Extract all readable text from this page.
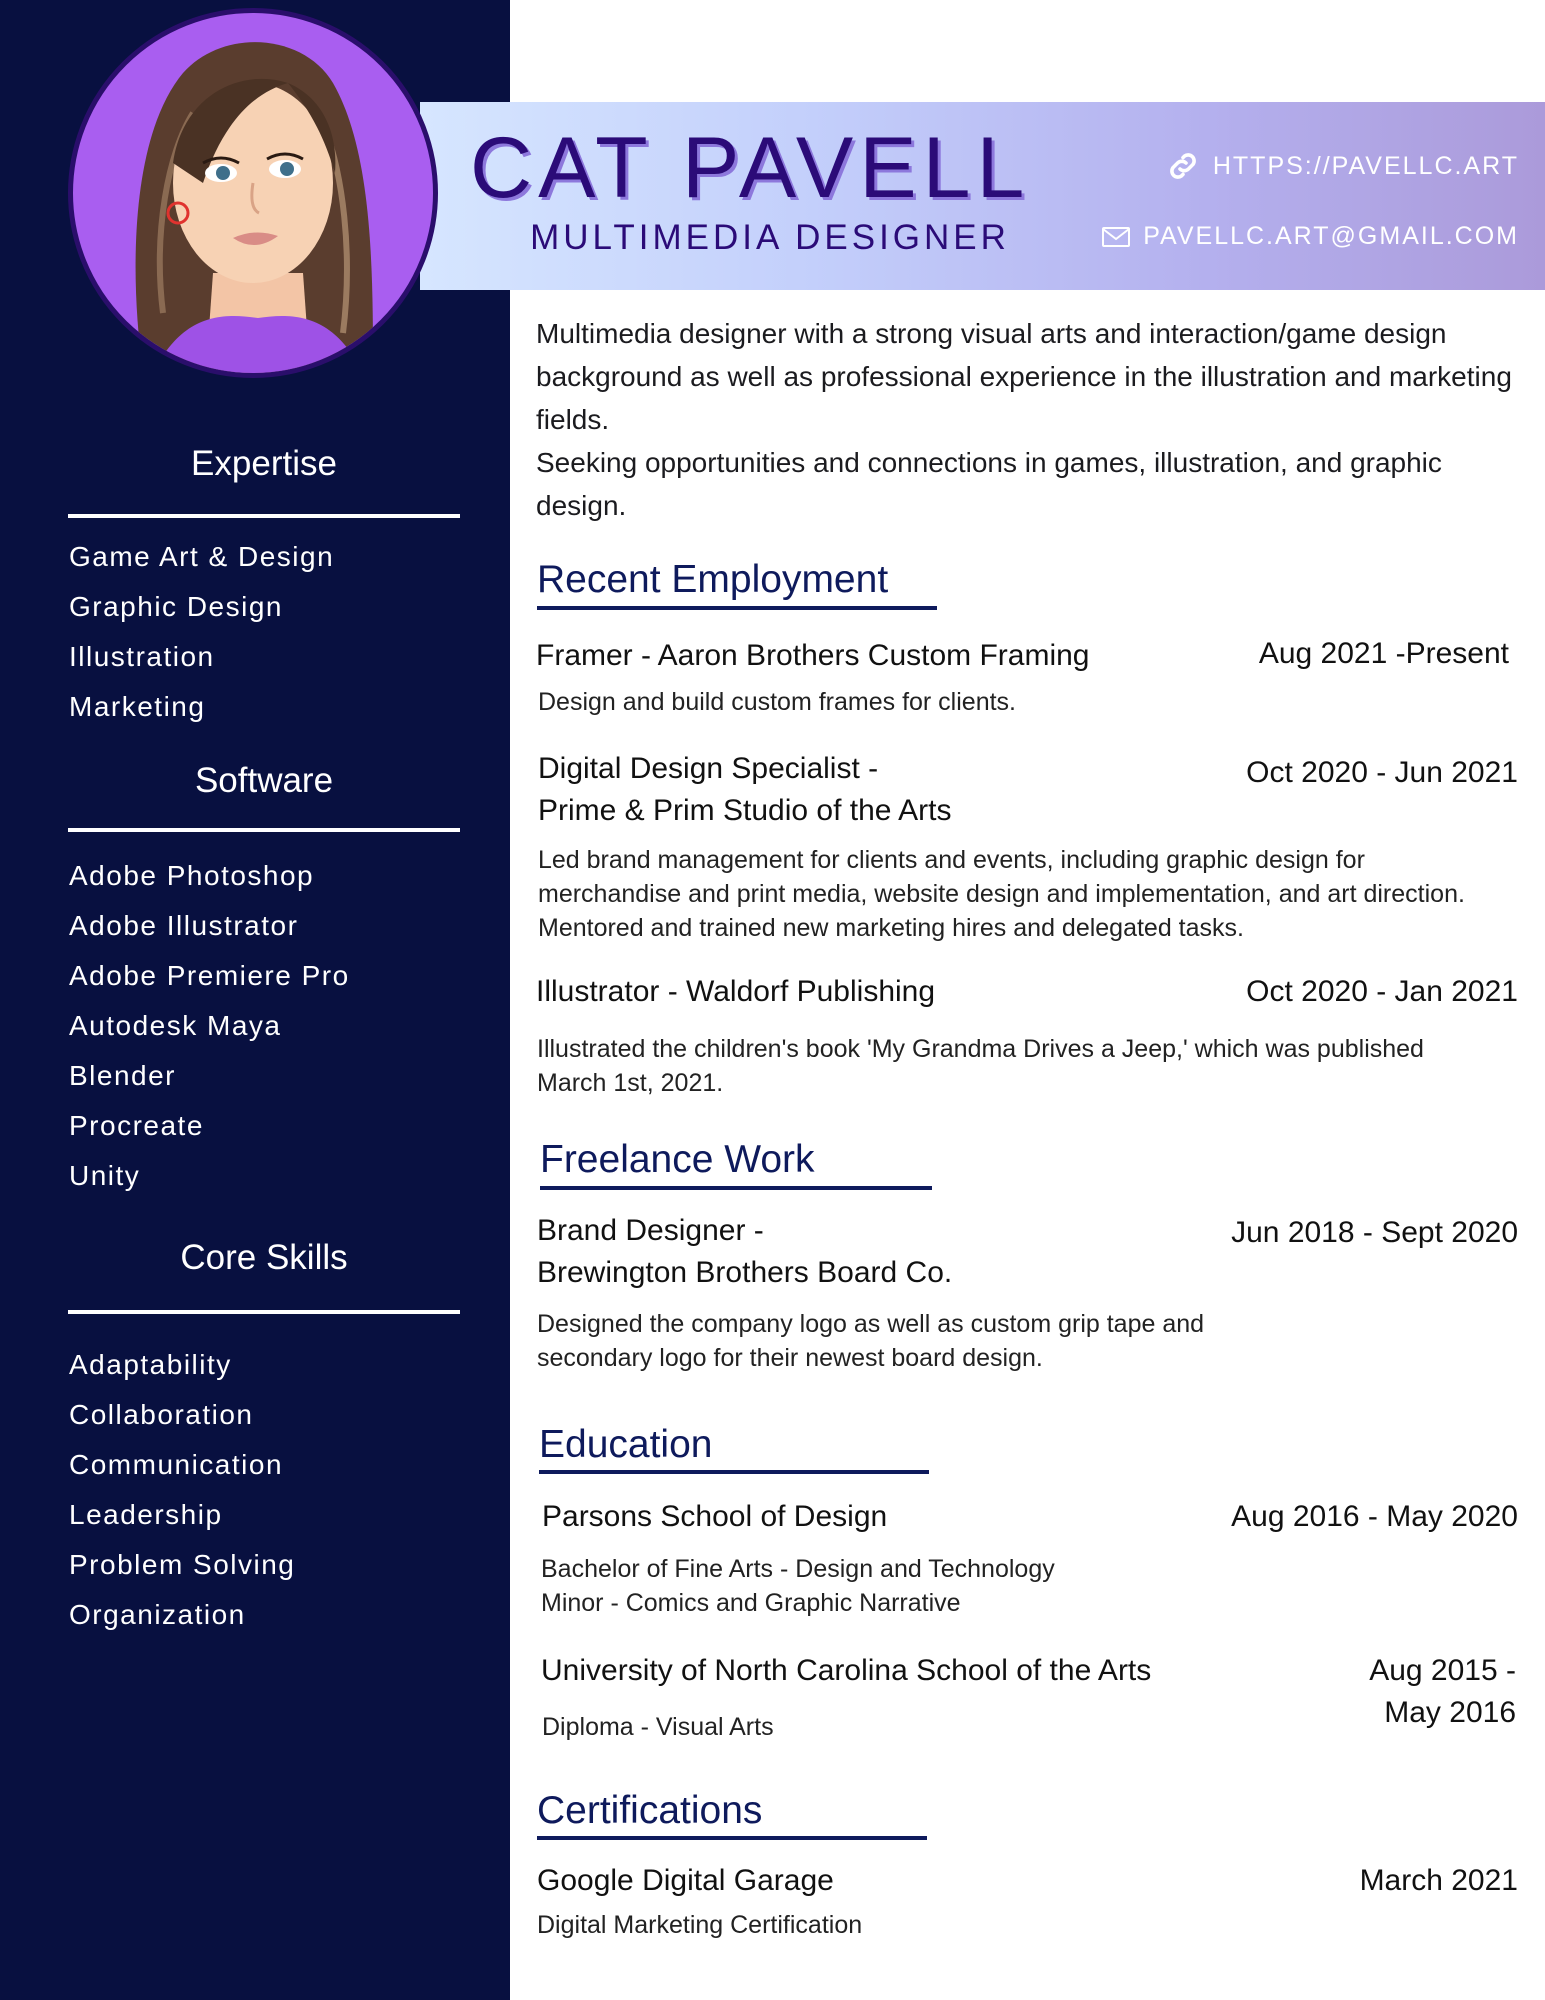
CAT PAVELL
MULTIMEDIA DESIGNER
HTTPS://PAVELLC.ART
PAVELLC.ART@GMAIL.COM
Expertise
Game Art & Design
Graphic Design
Illustration
Marketing
Software
Adobe Photoshop
Adobe Illustrator
Adobe Premiere Pro
Autodesk Maya
Blender
Procreate
Unity
Core Skills
Adaptability
Collaboration
Communication
Leadership
Problem Solving
Organization

Multimedia designer with a strong visual arts and interaction/game design background as well as professional experience in the illustration and marketing fields.

Seeking opportunities and connections in games, illustration, and graphic design.

Recent Employment
Framer - Aaron Brothers Custom Framing	Aug 2021 -Present
Design and build custom frames for clients.
Digital Design Specialist -
Prime & Prim Studio of the Arts
Oct 2020 - Jun 2021
Led brand management for clients and events, including graphic design for merchandise and print media, website design and implementation, and art direction. Mentored and trained new marketing hires and delegated tasks.
Illustrator - Waldorf Publishing	Oct 2020 - Jan 2021
Illustrated the children's book 'My Grandma Drives a Jeep,' which was published March 1st, 2021.
Freelance Work
Brand Designer -
Brewington Brothers Board Co.
Jun 2018 - Sept 2020
Designed the company logo as well as custom grip tape and secondary logo for their newest board design.
Education
Parsons School of Design	Aug 2016 - May 2020
Bachelor of Fine Arts - Design and Technology
Minor - Comics and Graphic Narrative
University of North Carolina School of the Arts	Aug 2015 -
May 2016
Diploma - Visual Arts
Certifications
Google Digital Garage	March 2021
Digital Marketing Certification
